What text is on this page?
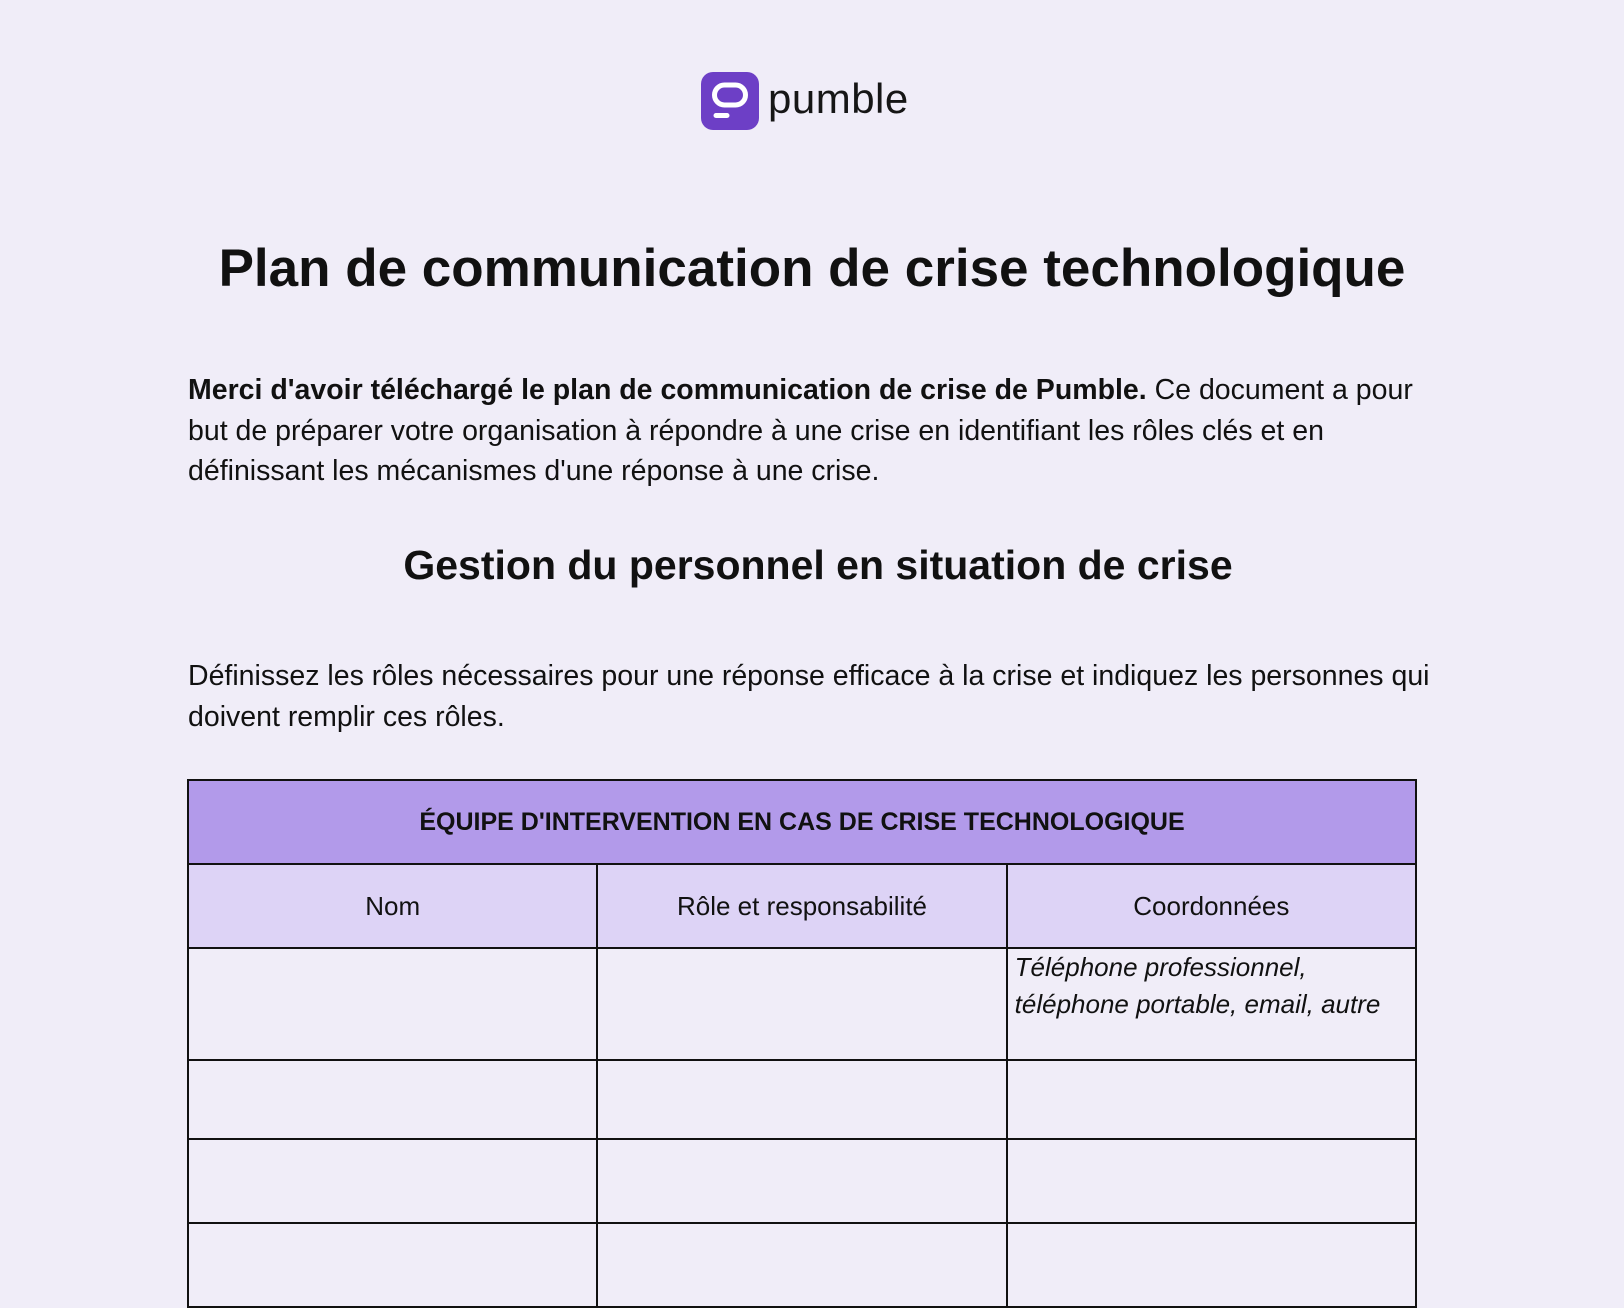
pumble
Plan de communication de crise technologique

Merci d'avoir téléchargé le plan de communication de crise de Pumble. Ce document a pour but de préparer votre organisation à répondre à une crise en identifiant les rôles clés et en définissant les mécanismes d'une réponse à une crise.

Gestion du personnel en situation de crise

Définissez les rôles nécessaires pour une réponse efficace à la crise et indiquez les personnes qui doivent remplir ces rôles.

ÉQUIPE D'INTERVENTION EN CAS DE CRISE TECHNOLOGIQUE		
Nom	Rôle et responsabilité	Coordonnées
		Téléphone professionnel, téléphone portable, email, autre
